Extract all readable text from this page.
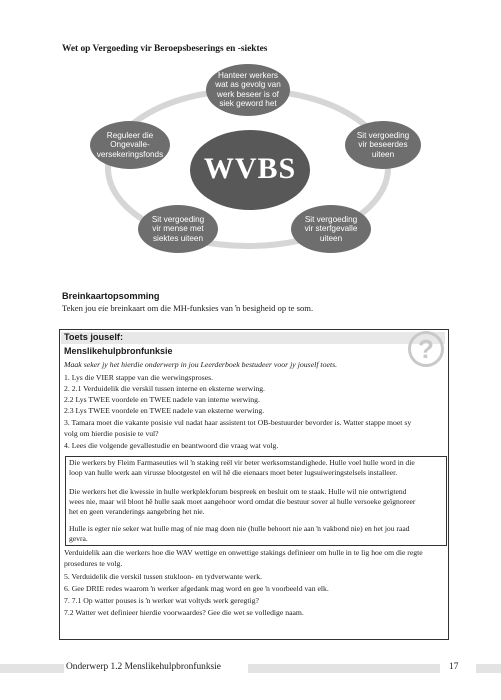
Wet op Vergoeding vir Beroepsbeserings en -siektes
WVBS
Hanteer werkers
wat as gevolg van
werk beseer is of
siek geword het
Sit vergoeding
vir beseerdes
uiteen
Sit vergoeding
vir sterfgevalle
uiteen
Sit vergoeding
vir mense met
siektes uiteen
Reguleer die
Ongevalle-
versekeringsfonds
Breinkaartopsomming
Teken jou eie breinkaart om die MH-funksies van ŉ besigheid op te som.
Toets jouself:	?
Menslikehulpbronfunksie
Maak seker jy het hierdie onderwerp in jou Leerderboek bestudeer voor jy jouself toets.
1. Lys die VIER stappe van die werwingsproses.
2. 2.1 Verduidelik die verskil tussen interne en eksterne werwing.
2.2 Lys TWEE voordele en TWEE nadele van interne werwing.
2.3 Lys TWEE voordele en TWEE nadele van eksterne werwing.
3. Tamara moet die vakante posisie vul nadat haar assistent tot OB-bestuurder bevorder is. Watter stappe moet sy
volg om hierdie posisie te vul?
4. Lees die volgende gevallestudie en beantwoord die vraag wat volg.
Die werkers by Fleim Farmaseuties wil ŉ staking reël vir beter werksomstandighede. Hulle voel hulle word in die
loop van hulle werk aan virusse blootgestel en wil hê die eienaars moet beter lugsuiweringstelsels installeer.
Die werkers het die kwessie in hulle werkplekforum bespreek en besluit om te staak. Hulle wil nie ontwrigtend
wees nie, maar wil bloot hê hulle saak moet aangehoor word omdat die bestuur sover al hulle versoeke geïgnoreer
het en geen veranderings aangebring het nie.
Hulle is egter nie seker wat hulle mag of nie mag doen nie (hulle behoort nie aan ŉ vakbond nie) en het jou raad
gevra.
Verduidelik aan die werkers hoe die WAV wettige en onwettige stakings definieer om hulle in te lig hoe om die regte
prosedures te volg.
5. Verduidelik die verskil tussen stukloon- en tydverwante werk.
6. Gee DRIE redes waarom ŉ werker afgedank mag word en gee ŉ voorbeeld van elk.
7. 7.1 Op watter pouses is ŉ werker wat voltyds werk geregtig?
7.2 Watter wet definieer hierdie voorwaardes? Gee die wet se volledige naam.
Onderwerp 1.2 Menslikehulpbronfunksie	17
